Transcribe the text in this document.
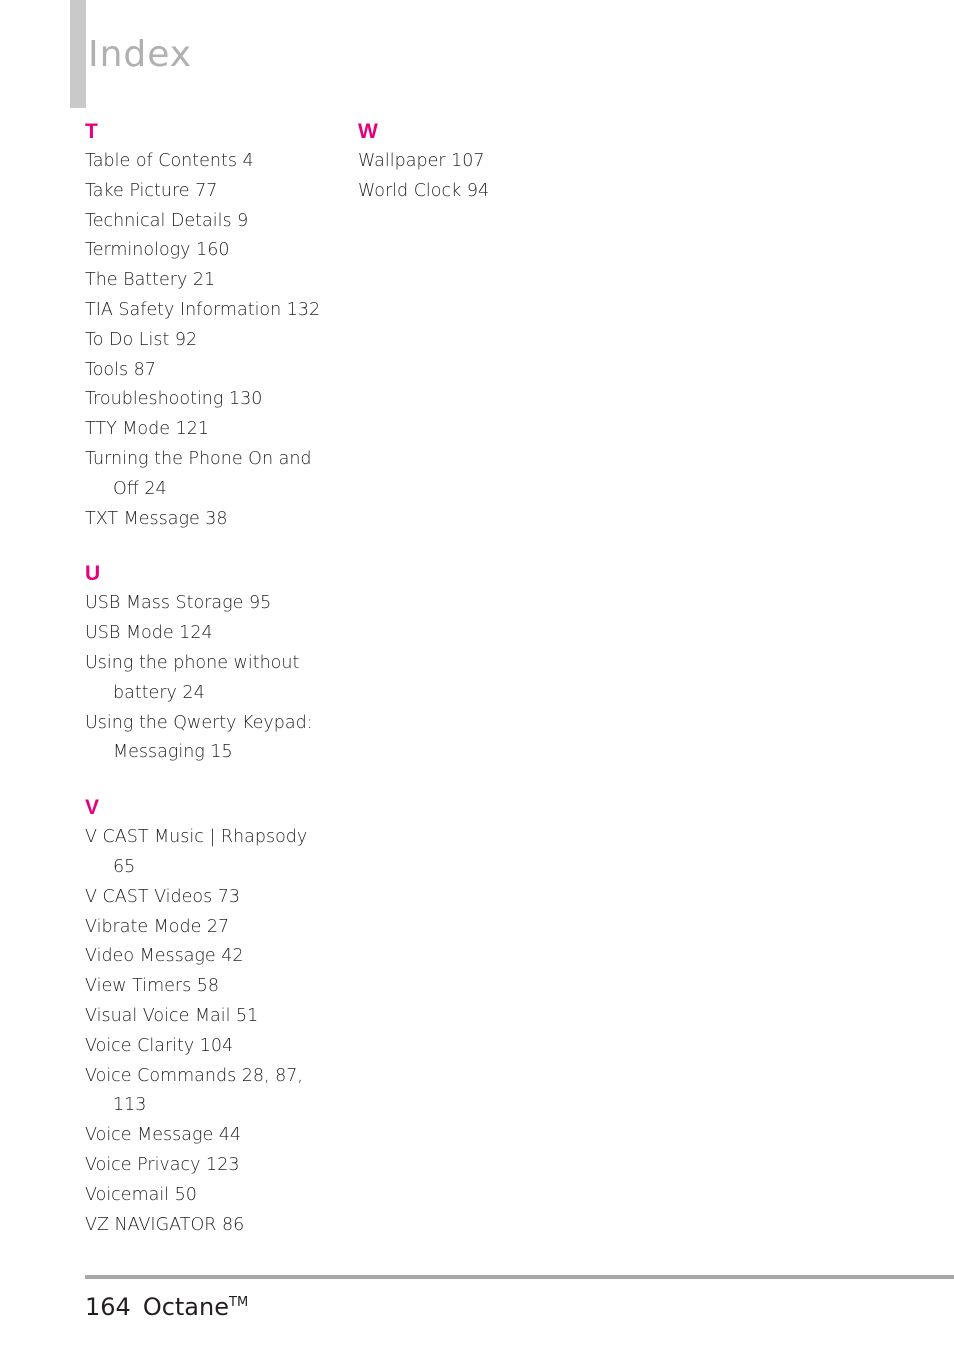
Index
T
Table of Contents 4
Take Picture 77
Technical Details 9
Terminology 160
The Battery 21
TIA Safety Information 132
To Do List 92
Tools 87
Troubleshooting 130
TTY Mode 121
Turning the Phone On and
Off 24
TXT Message 38
U
USB Mass Storage 95
USB Mode 124
Using the phone without
battery 24
Using the Qwerty Keypad:
Messaging 15
V
V CAST Music | Rhapsody
65
V CAST Videos 73
Vibrate Mode 27
Video Message 42
View Timers 58
Visual Voice Mail 51
Voice Clarity 104
Voice Commands 28, 87,
113
Voice Message 44
Voice Privacy 123
Voicemail 50
VZ NAVIGATOR 86
W
Wallpaper 107
World Clock 94
164 Octane™
